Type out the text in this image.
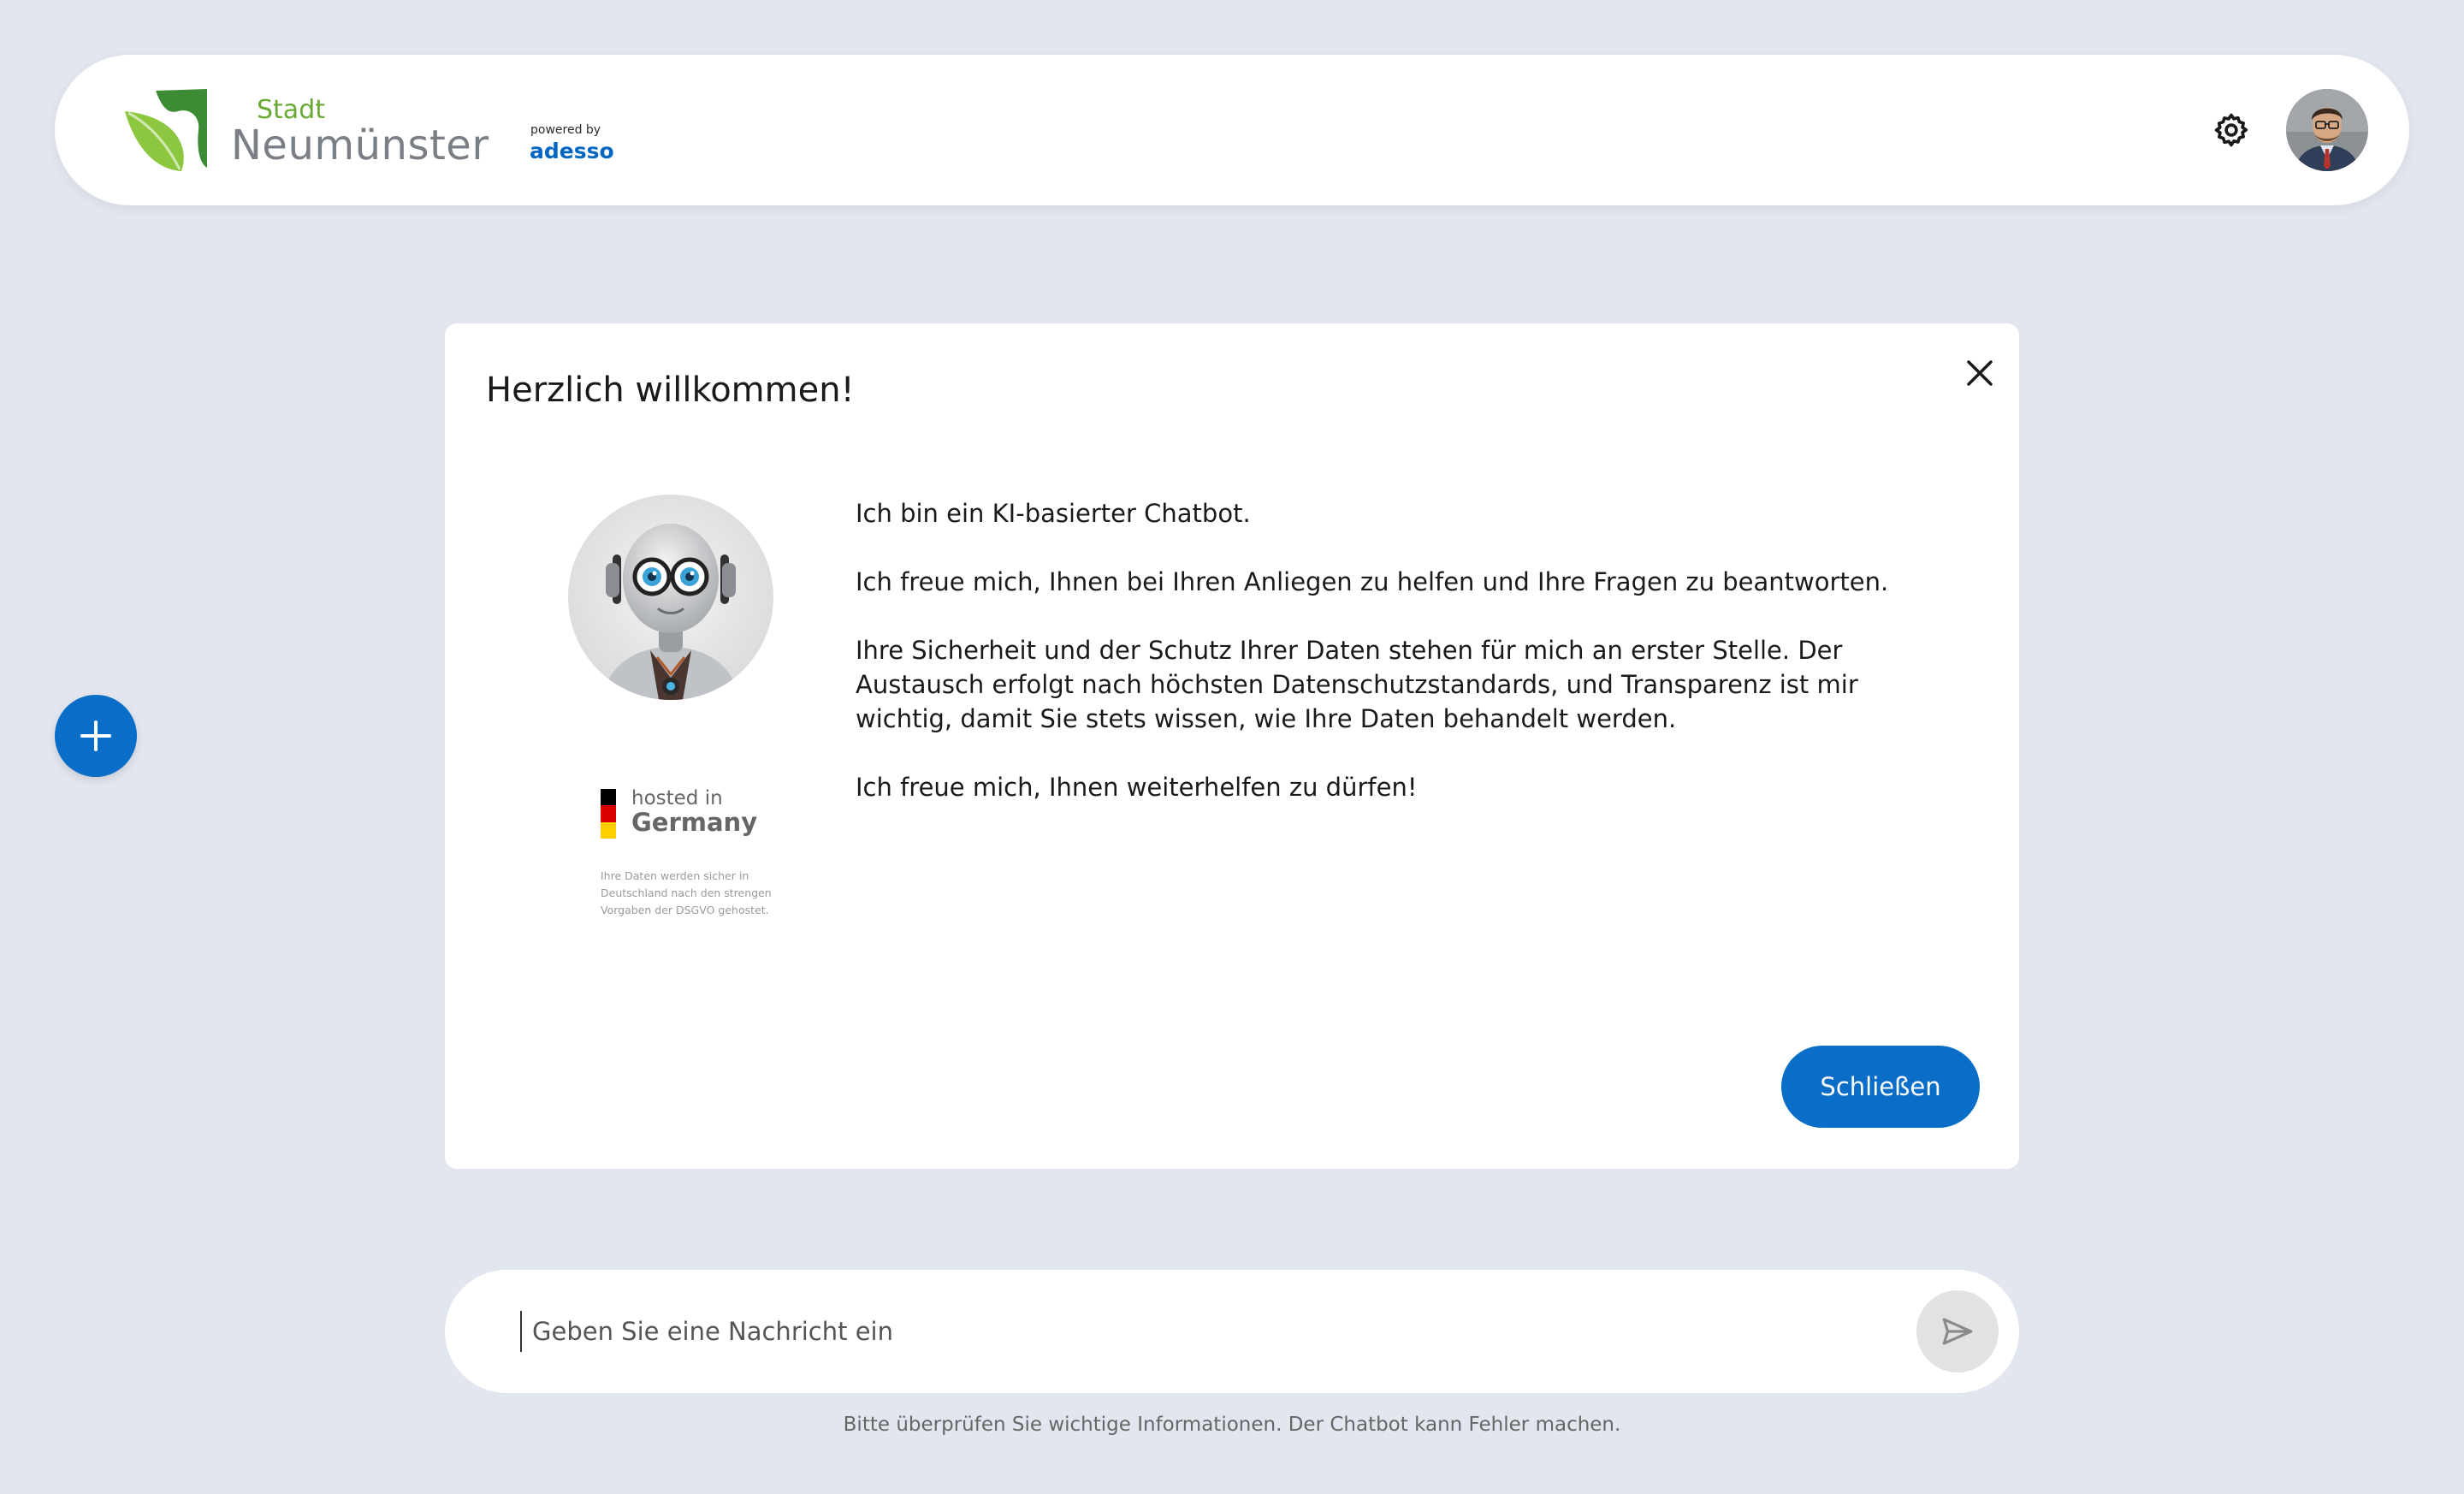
Stadt
Neumünster	powered by
adesso
Herzlich willkommen!
hosted in
Germany
Ihre Daten werden sicher in Deutschland nach den strengen Vorgaben der DSGVO gehostet.

Ich bin ein KI-basierter Chatbot.

Ich freue mich, Ihnen bei Ihren Anliegen zu helfen und Ihre Fragen zu beantworten.

Ihre Sicherheit und der Schutz Ihrer Daten stehen für mich an erster Stelle. Der Austausch erfolgt nach höchsten Datenschutzstandards, und Transparenz ist mir wichtig, damit Sie stets wissen, wie Ihre Daten behandelt werden.

Ich freue mich, Ihnen weiterhelfen zu dürfen!

Schließen
Geben Sie eine Nachricht ein
Bitte überprüfen Sie wichtige Informationen. Der Chatbot kann Fehler machen.
